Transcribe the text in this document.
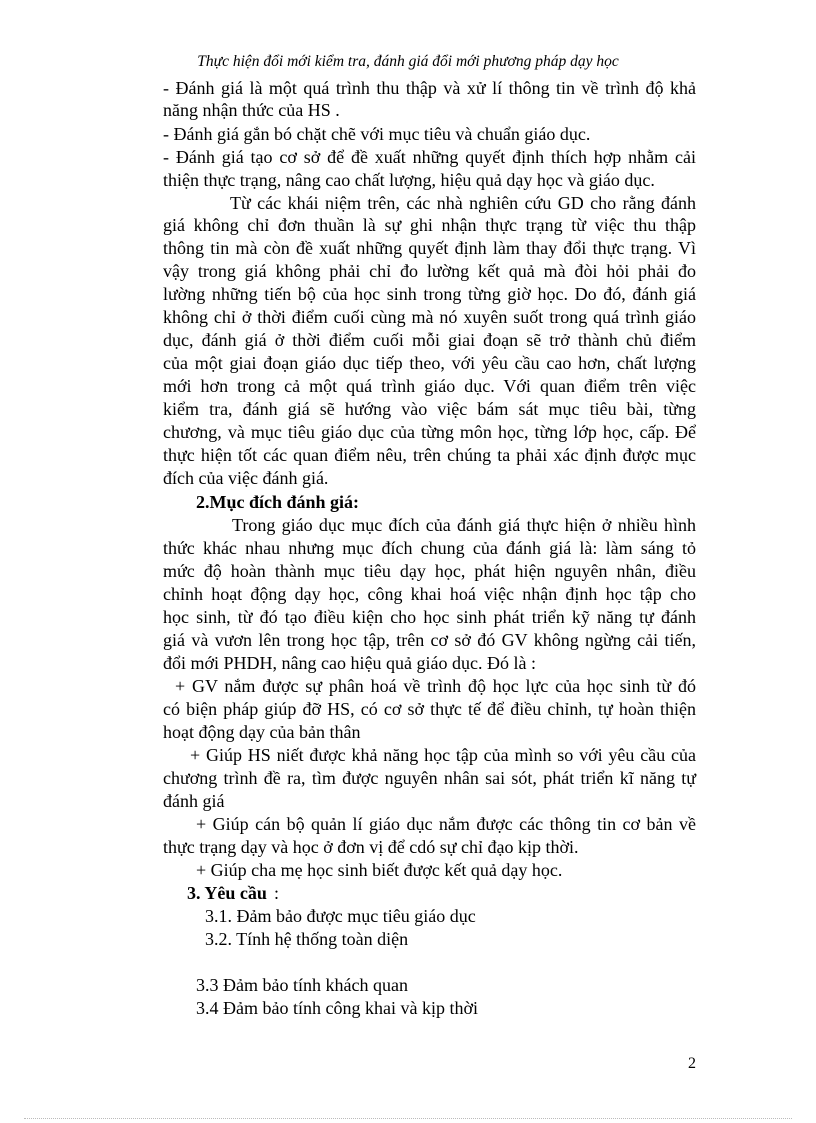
Thực hiện đổi mới kiểm tra, đánh giá đổi mới phương pháp dạy học
- Đánh giá là một quá trình thu thập và xử lí thông tin về trình độ khả
năng nhận thức của HS .
- Đánh giá gắn bó chặt chẽ với mục tiêu và chuẩn giáo dục.
- Đánh giá tạo cơ sở để đề xuất những quyết định thích hợp nhằm cải
thiện thực trạng, nâng cao chất lượng, hiệu quả dạy học và giáo dục.
Từ các khái niệm trên, các nhà nghiên cứu GD cho rằng đánh
giá không chỉ đơn thuần là sự ghi nhận thực trạng từ việc thu thập
thông tin mà còn đề xuất những quyết định làm thay đổi thực trạng. Vì
vậy trong giá không phải chỉ đo lường kết quả mà đòi hỏi phải đo
lường những tiến bộ của học sinh trong từng giờ học. Do đó, đánh giá
không chỉ ở thời điểm cuối cùng mà nó xuyên suốt trong quá trình giáo
dục, đánh giá ở thời điểm cuối mỗi giai đoạn sẽ trở thành chủ điểm
của một giai đoạn giáo dục tiếp theo, với yêu cầu cao hơn, chất lượng
mới hơn trong cả một quá trình giáo dục. Với quan điểm trên việc
kiểm tra, đánh giá sẽ hướng vào việc bám sát mục tiêu bài, từng
chương, và mục tiêu giáo dục của từng môn học, từng lớp học, cấp. Để
thực hiện tốt các quan điểm nêu, trên chúng ta phải xác định được mục
đích của việc đánh giá.
2.Mục đích đánh giá:
Trong giáo dục mục đích của đánh giá thực hiện ở nhiều hình
thức khác nhau nhưng mục đích chung của đánh giá là: làm sáng tỏ
mức độ hoàn thành mục tiêu dạy học, phát hiện nguyên nhân, điều
chỉnh hoạt động dạy học, công khai hoá việc nhận định học tập cho
học sinh, từ đó tạo điều kiện cho học sinh phát triển kỹ năng tự đánh
giá và vươn lên trong học tập, trên cơ sở đó GV không ngừng cải tiến,
đổi mới PHDH, nâng cao hiệu quả giáo dục. Đó là :
+ GV nắm được sự phân hoá về trình độ học lực của học sinh từ đó
có biện pháp giúp đỡ HS, có cơ sở thực tế để điều chỉnh, tự hoàn thiện
hoạt động dạy của bản thân
+ Giúp HS niết được khả năng học tập của mình so với yêu cầu của
chương trình đề ra, tìm được nguyên nhân sai sót, phát triển kĩ năng tự
đánh giá
+ Giúp cán bộ quản lí giáo dục nắm được các thông tin cơ bản về
thực trạng dạy và học ở đơn vị để cdó sự chỉ đạo kịp thời.
+ Giúp cha mẹ học sinh biết được kết quả dạy học.
3. Yêu cầu :
3.1. Đảm bảo được mục tiêu giáo dục
3.2. Tính hệ thống toàn diện
3.3 Đảm bảo tính khách quan
3.4 Đảm bảo tính công khai và kịp thời
2
